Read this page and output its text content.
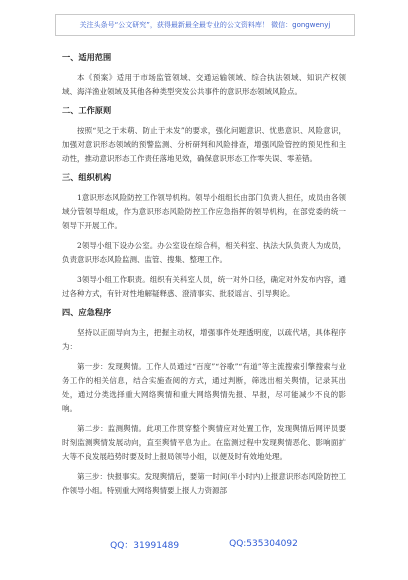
关注头条号“公文研究”，获得最新最全最专业的公文资料库！ 微信：gongwenyj
一、适用范围

本《预案》适用于市场监管领域、交通运输领域、综合执法领域、知识产权领域、海洋渔业领域及其他各种类型突发公共事件的意识形态领域风险点。

二、工作原则

按照“见之于未萌、防止于未发”的要求，强化问题意识、忧患意识、风险意识，加强对意识形态领域的预警监测、分析研判和风险排查，增强风险管控的预见性和主动性，推动意识形态工作责任落地见效，确保意识形态工作零失误、零差错。

三、组织机构

1意识形态风险防控工作领导机构。领导小组组长由部门负责人担任，成员由各领域分管领导组成，作为意识形态风险防控工作应急指挥的领导机构，在部党委的统一领导下开展工作。

2领导小组下设办公室。办公室设在综合科，相关科室、执法大队负责人为成员，负责意识形态风险监测、监管、搜集、整理工作。

3领导小组工作职责。组织有关科室人员，统一对外口径，确定对外发布内容，通过各种方式，有针对性地解疑释惑、澄清事实、批驳谣言、引导舆论。

四、应急程序

坚持以正面导向为主，把握主动权，增强事件处理透明度，以疏代堵，具体程序为：

第一步：发现舆情。工作人员通过“百度”“谷歌”“有道”等主流搜索引擎搜索与业务工作的相关信息，结合实施查阅的方式，通过判断，筛选出相关舆情，记录其出处，通过分类选择重大网络舆情和重大网络舆情先报、早报，尽可能减少不良的影响。

第二步：监测舆情。此项工作贯穿整个舆情应对处置工作，发现舆情后网评员要时刻监测舆情发展动向，直至舆情平息为止。在监测过程中发现舆情恶化、影响面扩大等不良发展趋势时要及时上报局领导小组，以便及时有效地处理。

第三步：快报事实。发现舆情后，要第一时间(半小时内)上报意识形态风险防控工作领导小组。特别重大网络舆情要上报人力资源部

QQ：31991489	QQ:535304092
